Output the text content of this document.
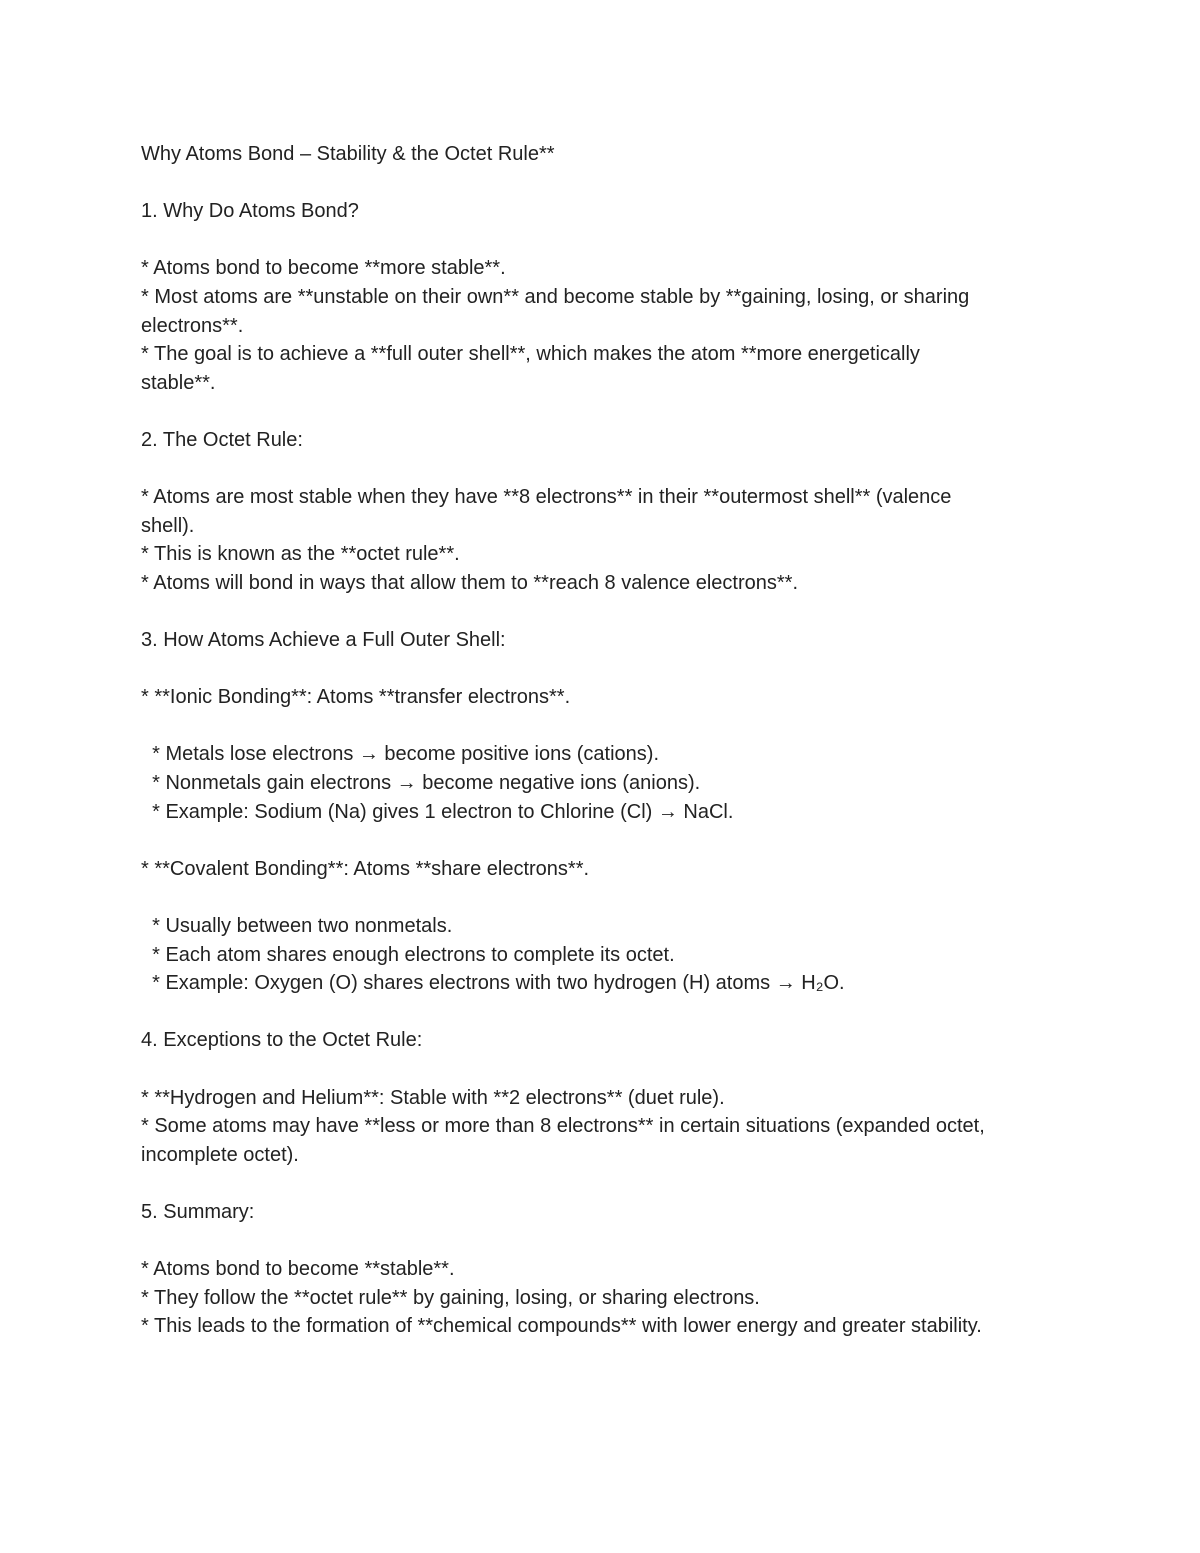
Why Atoms Bond – Stability & the Octet Rule**

1. Why Do Atoms Bond?

* Atoms bond to become **more stable**.

* Most atoms are **unstable on their own** and become stable by **gaining, losing, or sharing

electrons**.

* The goal is to achieve a **full outer shell**, which makes the atom **more energetically

stable**.

2. The Octet Rule:

* Atoms are most stable when they have **8 electrons** in their **outermost shell** (valence

shell).

* This is known as the **octet rule**.

* Atoms will bond in ways that allow them to **reach 8 valence electrons**.

3. How Atoms Achieve a Full Outer Shell:

* **Ionic Bonding**: Atoms **transfer electrons**.

* Metals lose electrons → become positive ions (cations).

* Nonmetals gain electrons → become negative ions (anions).

* Example: Sodium (Na) gives 1 electron to Chlorine (Cl) → NaCl.

* **Covalent Bonding**: Atoms **share electrons**.

* Usually between two nonmetals.

* Each atom shares enough electrons to complete its octet.

* Example: Oxygen (O) shares electrons with two hydrogen (H) atoms → H₂O.

4. Exceptions to the Octet Rule:

* **Hydrogen and Helium**: Stable with **2 electrons** (duet rule).

* Some atoms may have **less or more than 8 electrons** in certain situations (expanded octet,

incomplete octet).

5. Summary:

* Atoms bond to become **stable**.

* They follow the **octet rule** by gaining, losing, or sharing electrons.

* This leads to the formation of **chemical compounds** with lower energy and greater stability.
